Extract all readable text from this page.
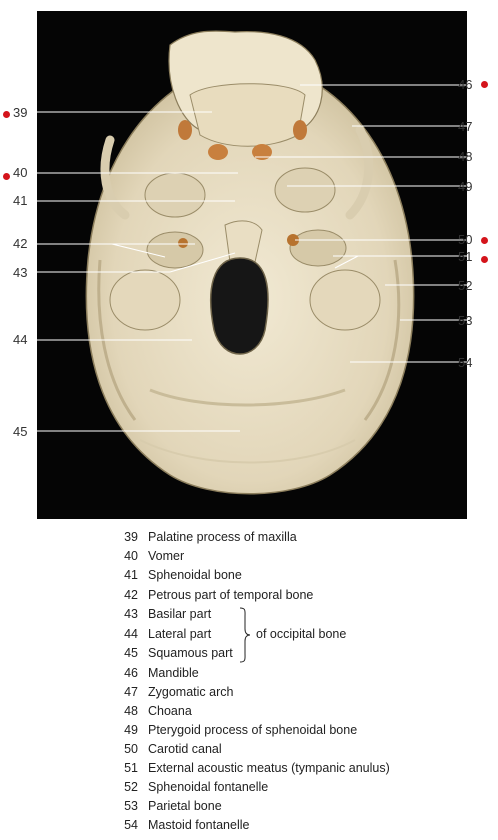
39
40
41
42
43
44
45
46
47
48
49
50
51
52
53
54
39 Palatine process of maxilla
40 Vomer
41 Sphenoidal bone
42 Petrous part of temporal bone
43 Basilar part
44 Lateral part
45 Squamous part
of occipital bone
46 Mandible
47 Zygomatic arch
48 Choana
49 Pterygoid process of sphenoidal bone
50 Carotid canal
51 External acoustic meatus (tympanic anulus)
52 Sphenoidal fontanelle
53 Parietal bone
54 Mastoid fontanelle
